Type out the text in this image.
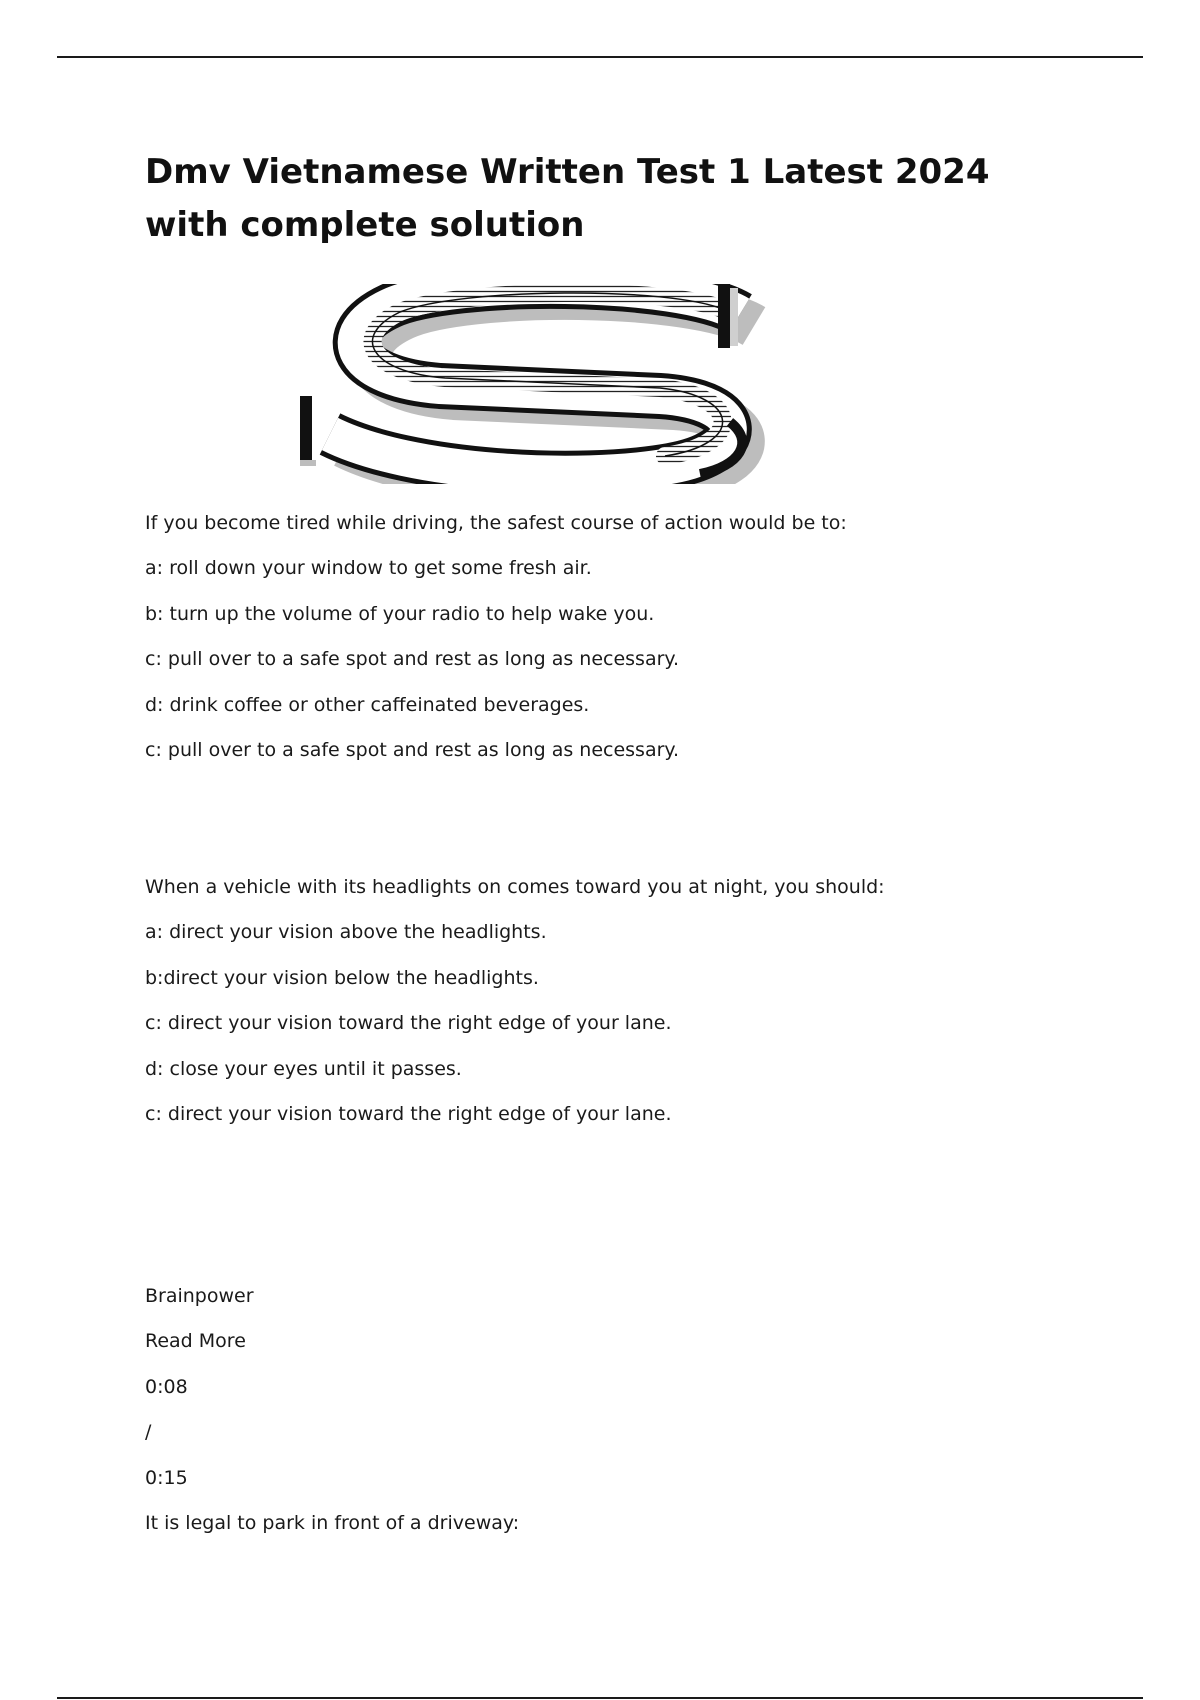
Dmv Vietnamese Written Test 1 Latest 2024 with complete solution

If you become tired while driving, the safest course of action would be to:

a: roll down your window to get some fresh air.

b: turn up the volume of your radio to help wake you.

c: pull over to a safe spot and rest as long as necessary.

d: drink coffee or other caffeinated beverages.

c: pull over to a safe spot and rest as long as necessary.

When a vehicle with its headlights on comes toward you at night, you should:

a: direct your vision above the headlights.

b:direct your vision below the headlights.

c: direct your vision toward the right edge of your lane.

d: close your eyes until it passes.

c: direct your vision toward the right edge of your lane.

Brainpower

Read More

0:08

/

0:15

It is legal to park in front of a driveway:
